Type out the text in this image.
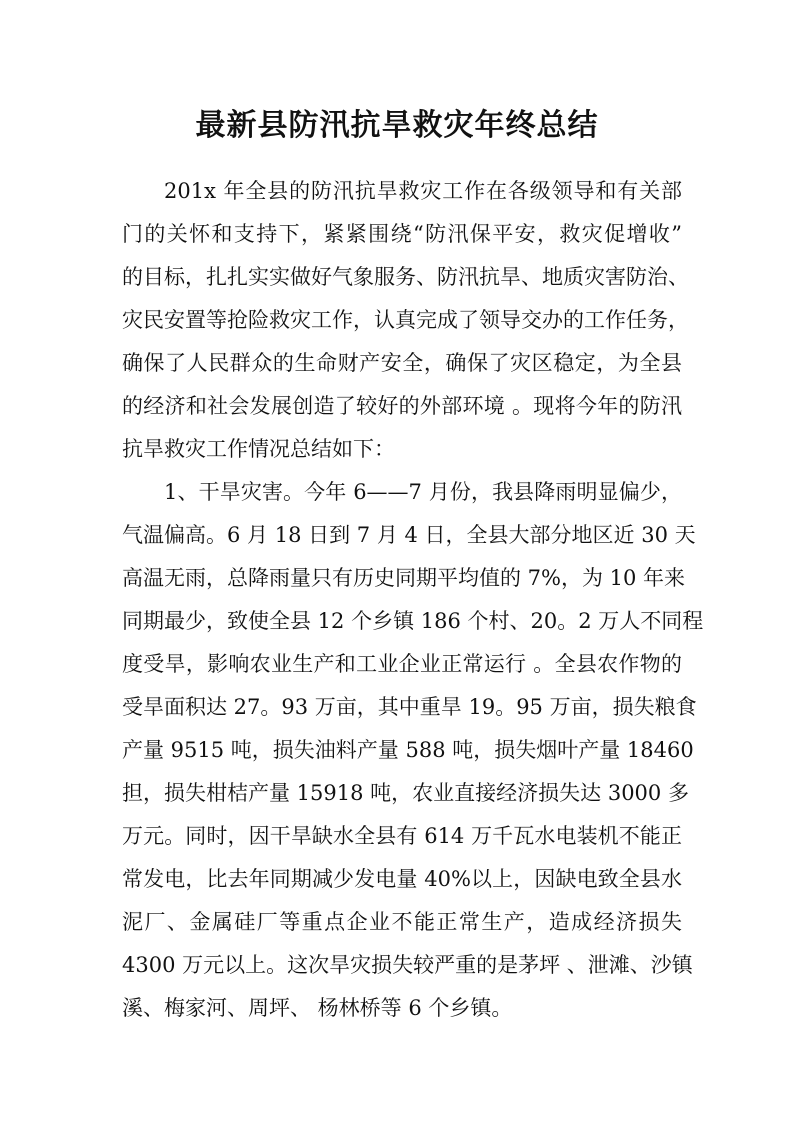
最新县防汛抗旱救灾年终总结
201x 年全县的防汛抗旱救灾工作在各级领导和有关部
门的关怀和支持下，紧紧围绕“防汛保平安，救灾促增收”
的目标，扎扎实实做好气象服务、防汛抗旱、地质灾害防治、
灾民安置等抢险救灾工作，认真完成了领导交办的工作任务，
确保了人民群众的生命财产安全，确保了灾区稳定，为全县
的经济和社会发展创造了较好的外部环境 。现将今年的防汛
抗旱救灾工作情况总结如下：
1、干旱灾害。今年 6——7 月份，我县降雨明显偏少，
气温偏高。6 月 18 日到 7 月 4 日，全县大部分地区近 30 天
高温无雨，总降雨量只有历史同期平均值的 7%，为 10 年来
同期最少，致使全县 12 个乡镇 186 个村、20。2 万人不同程
度受旱，影响农业生产和工业企业正常运行 。全县农作物的
受旱面积达 27。93 万亩，其中重旱 19。95 万亩，损失粮食
产量 9515 吨，损失油料产量 588 吨，损失烟叶产量 18460
担，损失柑桔产量 15918 吨，农业直接经济损失达 3000 多
万元。同时，因干旱缺水全县有 614 万千瓦水电装机不能正
常发电，比去年同期减少发电量 40%以上，因缺电致全县水
泥厂、金属硅厂等重点企业不能正常生产，造成经济损失
4300 万元以上。这次旱灾损失较严重的是茅坪 、泄滩、沙镇
溪、梅家河、周坪、 杨林桥等 6 个乡镇。
